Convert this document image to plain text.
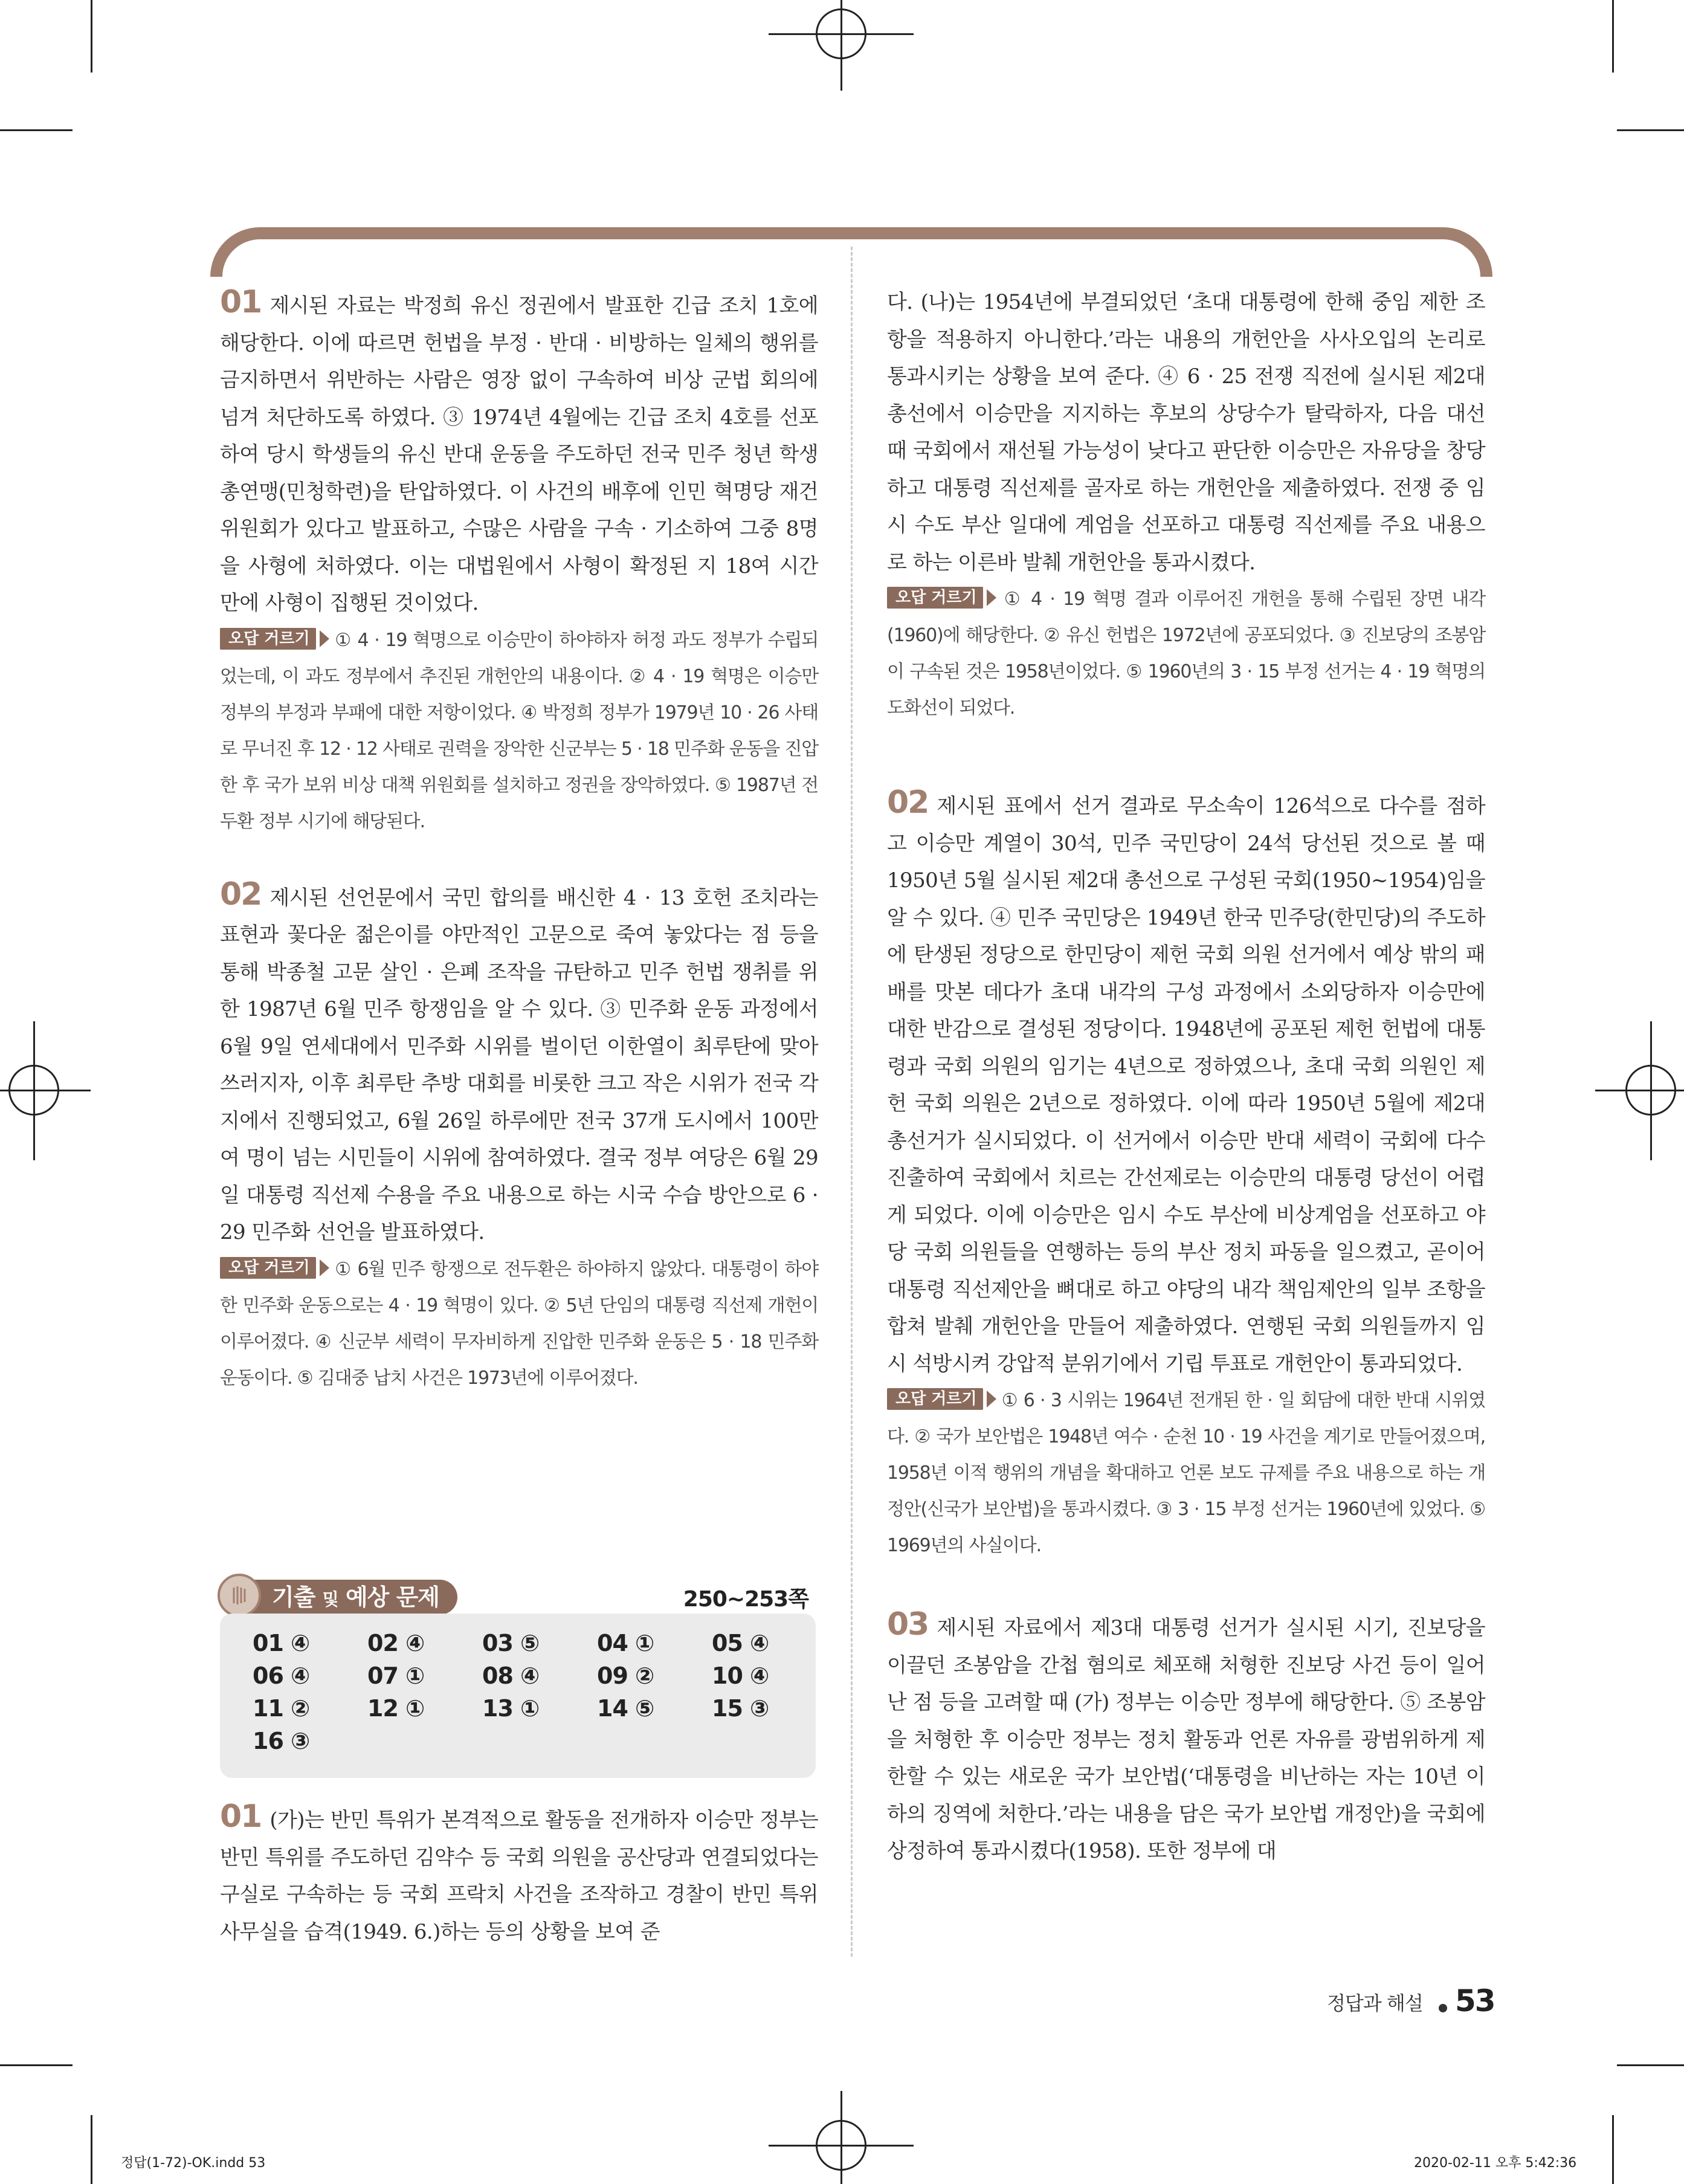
01 제시된 자료는 박정희 유신 정권에서 발표한 긴급 조치 1호에 해당한다. 이에 따르면 헌법을 부정 · 반대 · 비방하는 일체의 행위를 금지하면서 위반하는 사람은 영장 없이 구속하여 비상 군법 회의에 넘겨 처단하도록 하였다. ③ 1974년 4월에는 긴급 조치 4호를 선포하여 당시 학생들의 유신 반대 운동을 주도하던 전국 민주 청년 학생 총연맹(민청학련)을 탄압하였다. 이 사건의 배후에 인민 혁명당 재건 위원회가 있다고 발표하고, 수많은 사람을 구속 · 기소하여 그중 8명을 사형에 처하였다. 이는 대법원에서 사형이 확정된 지 18여 시간 만에 사형이 집행된 것이었다.

오답 거르기 ① 4 · 19 혁명으로 이승만이 하야하자 허정 과도 정부가 수립되었는데, 이 과도 정부에서 추진된 개헌안의 내용이다. ② 4 · 19 혁명은 이승만 정부의 부정과 부패에 대한 저항이었다. ④ 박정희 정부가 1979년 10 · 26 사태로 무너진 후 12 · 12 사태로 권력을 장악한 신군부는 5 · 18 민주화 운동을 진압한 후 국가 보위 비상 대책 위원회를 설치하고 정권을 장악하였다. ⑤ 1987년 전두환 정부 시기에 해당된다.

02 제시된 선언문에서 국민 합의를 배신한 4 · 13 호헌 조치라는 표현과 꽃다운 젊은이를 야만적인 고문으로 죽여 놓았다는 점 등을 통해 박종철 고문 살인 · 은폐 조작을 규탄하고 민주 헌법 쟁취를 위한 1987년 6월 민주 항쟁임을 알 수 있다. ③ 민주화 운동 과정에서 6월 9일 연세대에서 민주화 시위를 벌이던 이한열이 최루탄에 맞아 쓰러지자, 이후 최루탄 추방 대회를 비롯한 크고 작은 시위가 전국 각지에서 진행되었고, 6월 26일 하루에만 전국 37개 도시에서 100만여 명이 넘는 시민들이 시위에 참여하였다. 결국 정부 여당은 6월 29일 대통령 직선제 수용을 주요 내용으로 하는 시국 수습 방안으로 6 · 29 민주화 선언을 발표하였다.

오답 거르기 ① 6월 민주 항쟁으로 전두환은 하야하지 않았다. 대통령이 하야한 민주화 운동으로는 4 · 19 혁명이 있다. ② 5년 단임의 대통령 직선제 개헌이 이루어졌다. ④ 신군부 세력이 무자비하게 진압한 민주화 운동은 5 · 18 민주화 운동이다. ⑤ 김대중 납치 사건은 1973년에 이루어졌다.

기출 및 예상 문제	250~253쪽
01 ④	02 ④	03 ⑤	04 ①	05 ④
06 ④	07 ①	08 ④	09 ②	10 ④
11 ②	12 ①	13 ①	14 ⑤	15 ③
16 ③

01 (가)는 반민 특위가 본격적으로 활동을 전개하자 이승만 정부는 반민 특위를 주도하던 김약수 등 국회 의원을 공산당과 연결되었다는 구실로 구속하는 등 국회 프락치 사건을 조작하고 경찰이 반민 특위 사무실을 습격(1949. 6.)하는 등의 상황을 보여 준

다. (나)는 1954년에 부결되었던 ‘초대 대통령에 한해 중임 제한 조항을 적용하지 아니한다.’라는 내용의 개헌안을 사사오입의 논리로 통과시키는 상황을 보여 준다. ④ 6 · 25 전쟁 직전에 실시된 제2대 총선에서 이승만을 지지하는 후보의 상당수가 탈락하자, 다음 대선 때 국회에서 재선될 가능성이 낮다고 판단한 이승만은 자유당을 창당하고 대통령 직선제를 골자로 하는 개헌안을 제출하였다. 전쟁 중 임시 수도 부산 일대에 계엄을 선포하고 대통령 직선제를 주요 내용으로 하는 이른바 발췌 개헌안을 통과시켰다.

오답 거르기 ① 4 · 19 혁명 결과 이루어진 개헌을 통해 수립된 장면 내각(1960)에 해당한다. ② 유신 헌법은 1972년에 공포되었다. ③ 진보당의 조봉암이 구속된 것은 1958년이었다. ⑤ 1960년의 3 · 15 부정 선거는 4 · 19 혁명의 도화선이 되었다.

02 제시된 표에서 선거 결과로 무소속이 126석으로 다수를 점하고 이승만 계열이 30석, 민주 국민당이 24석 당선된 것으로 볼 때 1950년 5월 실시된 제2대 총선으로 구성된 국회(1950~1954)임을 알 수 있다. ④ 민주 국민당은 1949년 한국 민주당(한민당)의 주도하에 탄생된 정당으로 한민당이 제헌 국회 의원 선거에서 예상 밖의 패배를 맛본 데다가 초대 내각의 구성 과정에서 소외당하자 이승만에 대한 반감으로 결성된 정당이다. 1948년에 공포된 제헌 헌법에 대통령과 국회 의원의 임기는 4년으로 정하였으나, 초대 국회 의원인 제헌 국회 의원은 2년으로 정하였다. 이에 따라 1950년 5월에 제2대 총선거가 실시되었다. 이 선거에서 이승만 반대 세력이 국회에 다수 진출하여 국회에서 치르는 간선제로는 이승만의 대통령 당선이 어렵게 되었다. 이에 이승만은 임시 수도 부산에 비상계엄을 선포하고 야당 국회 의원들을 연행하는 등의 부산 정치 파동을 일으켰고, 곧이어 대통령 직선제안을 뼈대로 하고 야당의 내각 책임제안의 일부 조항을 합쳐 발췌 개헌안을 만들어 제출하였다. 연행된 국회 의원들까지 임시 석방시켜 강압적 분위기에서 기립 투표로 개헌안이 통과되었다.

오답 거르기 ① 6 · 3 시위는 1964년 전개된 한 · 일 회담에 대한 반대 시위였다. ② 국가 보안법은 1948년 여수 · 순천 10 · 19 사건을 계기로 만들어졌으며, 1958년 이적 행위의 개념을 확대하고 언론 보도 규제를 주요 내용으로 하는 개정안(신국가 보안법)을 통과시켰다. ③ 3 · 15 부정 선거는 1960년에 있었다. ⑤ 1969년의 사실이다.

03 제시된 자료에서 제3대 대통령 선거가 실시된 시기, 진보당을 이끌던 조봉암을 간첩 혐의로 체포해 처형한 진보당 사건 등이 일어난 점 등을 고려할 때 (가) 정부는 이승만 정부에 해당한다. ⑤ 조봉암을 처형한 후 이승만 정부는 정치 활동과 언론 자유를 광범위하게 제한할 수 있는 새로운 국가 보안법(‘대통령을 비난하는 자는 10년 이하의 징역에 처한다.’라는 내용을 담은 국가 보안법 개정안)을 국회에 상정하여 통과시켰다(1958). 또한 정부에 대

정답과 해설 53
정답(1-72)-OK.indd 53	2020-02-11 오후 5:42:36
